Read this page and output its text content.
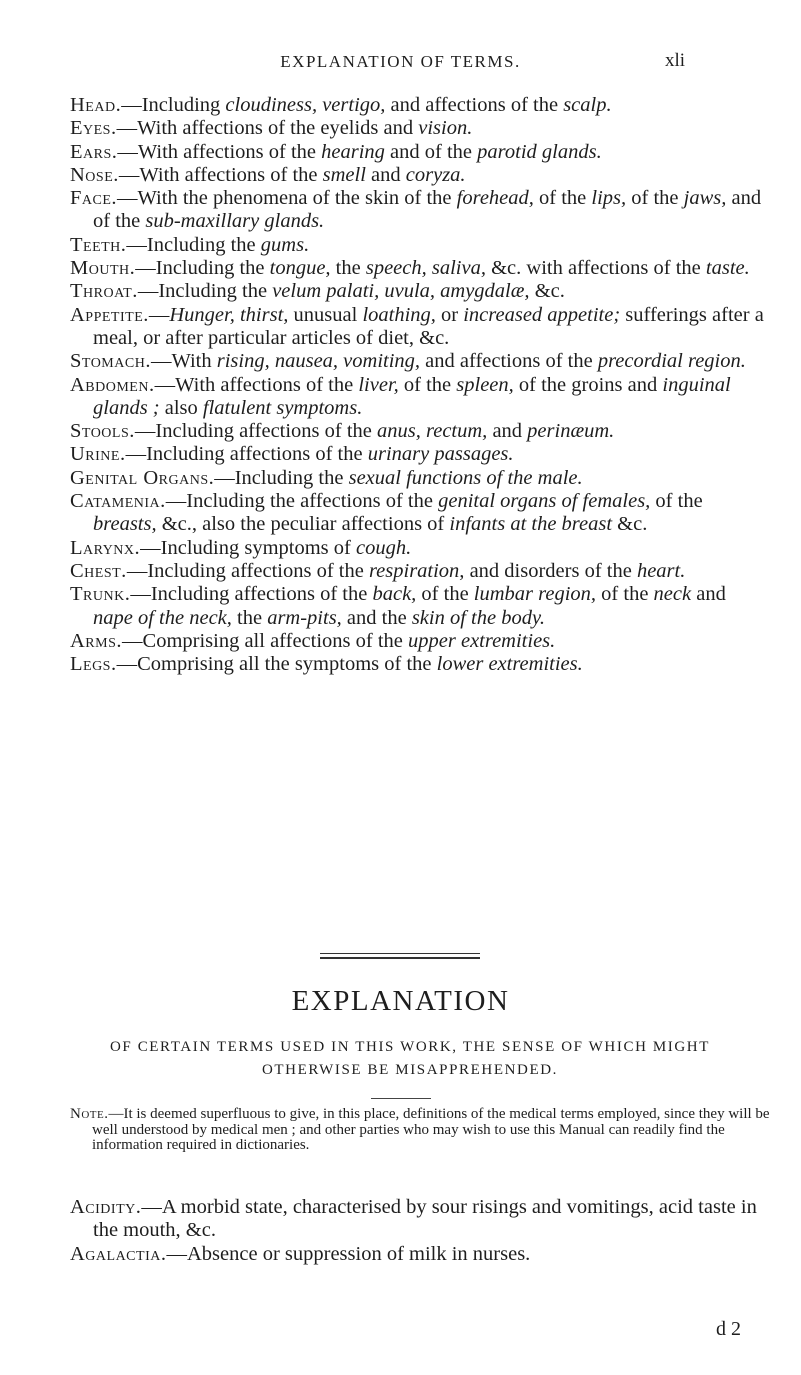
EXPLANATION OF TERMS.	xli

Head.—Including cloudiness, vertigo, and affections of the scalp.

Eyes.—With affections of the eyelids and vision.

Ears.—With affections of the hearing and of the parotid glands.

Nose.—With affections of the smell and coryza.

Face.—With the phenomena of the skin of the forehead, of the lips, of the jaws, and of the sub-maxillary glands.

Teeth.—Including the gums.

Mouth.—Including the tongue, the speech, saliva, &c. with affections of the taste.

Throat.—Including the velum palati, uvula, amygdalæ, &c.

Appetite.—Hunger, thirst, unusual loathing, or increased appetite; sufferings after a meal, or after particular articles of diet, &c.

Stomach.—With rising, nausea, vomiting, and affections of the precordial region.

Abdomen.—With affections of the liver, of the spleen, of the groins and inguinal glands ; also flatulent symptoms.

Stools.—Including affections of the anus, rectum, and perinæum.

Urine.—Including affections of the urinary passages.

Genital Organs.—Including the sexual functions of the male.

Catamenia.—Including the affections of the genital organs of females, of the breasts, &c., also the peculiar affections of infants at the breast &c.

Larynx.—Including symptoms of cough.

Chest.—Including affections of the respiration, and disorders of the heart.

Trunk.—Including affections of the back, of the lumbar region, of the neck and nape of the neck, the arm-pits, and the skin of the body.

Arms.—Comprising all affections of the upper extremities.

Legs.—Comprising all the symptoms of the lower extremities.

EXPLANATION
OF CERTAIN TERMS USED IN THIS WORK, THE SENSE OF WHICH MIGHT OTHERWISE BE MISAPPREHENDED.

Note.—It is deemed superfluous to give, in this place, definitions of the medical terms employed, since they will be well understood by medical men ; and other parties who may wish to use this Manual can readily find the information required in dictionaries.

Acidity.—A morbid state, characterised by sour risings and vomitings, acid taste in the mouth, &c.

Agalactia.—Absence or suppression of milk in nurses.

d 2
